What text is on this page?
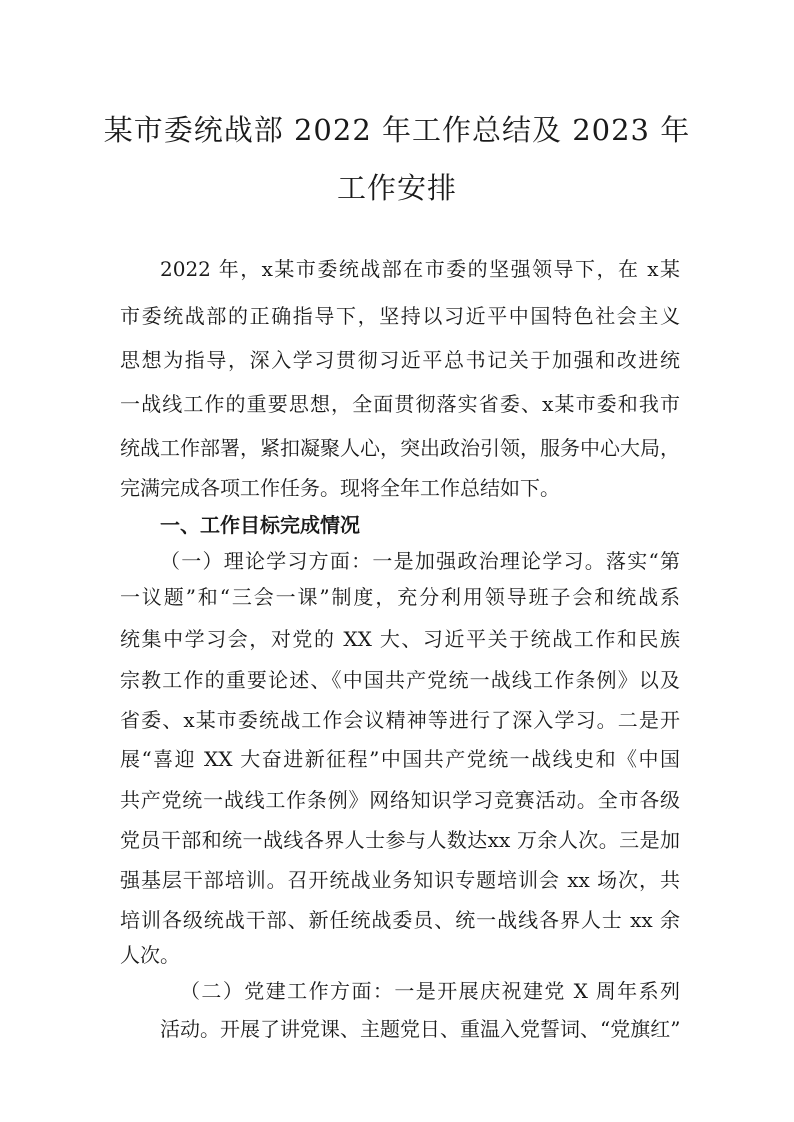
某市委统战部 2022 年工作总结及 2023 年
工作安排
2022 年，x某市委统战部在市委的坚强领导下，在 x某
市委统战部的正确指导下，坚持以习近平中国特色社会主义
思想为指导，深入学习贯彻习近平总书记关于加强和改进统
一战线工作的重要思想，全面贯彻落实省委、x某市委和我市
统战工作部署，紧扣凝聚人心，突出政治引领，服务中心大局，
完满完成各项工作任务。现将全年工作总结如下。
一、工作目标完成情况
（一）理论学习方面：一是加强政治理论学习。落实“第
一议题”和“三会一课”制度，充分利用领导班子会和统战系
统集中学习会，对党的 XX 大、习近平关于统战工作和民族
宗教工作的重要论述、《中国共产党统一战线工作条例》以及
省委、x某市委统战工作会议精神等进行了深入学习。二是开
展“喜迎 XX 大奋进新征程”中国共产党统一战线史和《中国
共产党统一战线工作条例》网络知识学习竞赛活动。全市各级
党员干部和统一战线各界人士参与人数达xx 万余人次。三是加
强基层干部培训。召开统战业务知识专题培训会 xx 场次，共
培训各级统战干部、新任统战委员、统一战线各界人士 xx 余
人次。
（二）党建工作方面：一是开展庆祝建党 X 周年系列
活动。开展了讲党课、主题党日、重温入党誓词、“党旗红”
